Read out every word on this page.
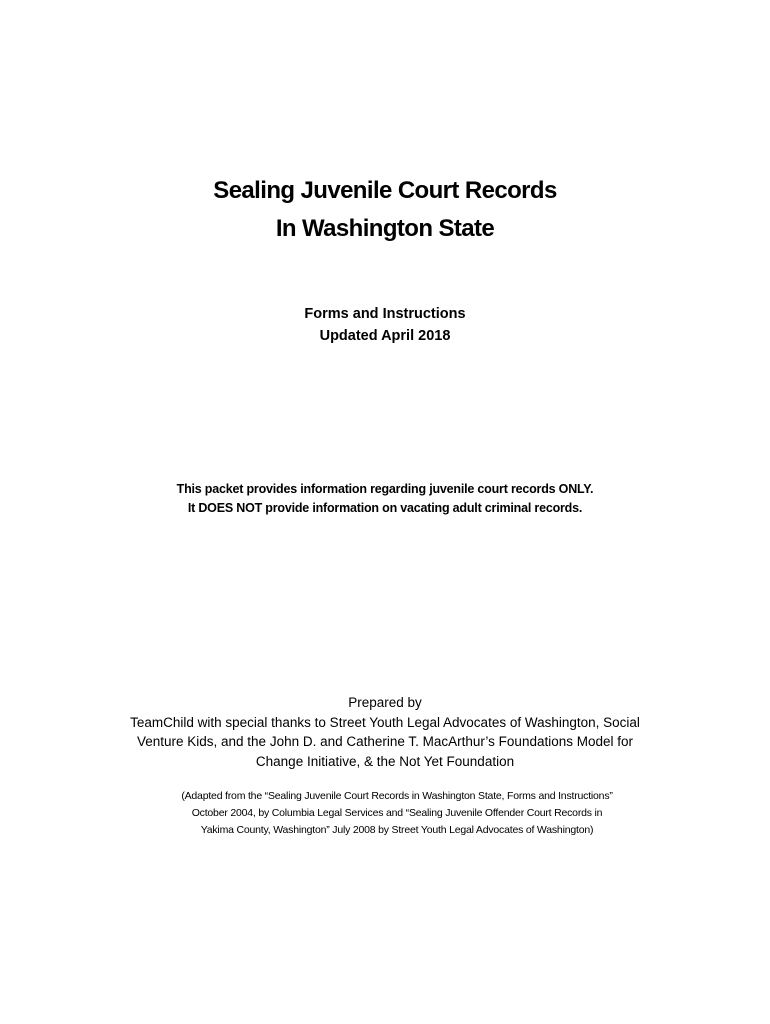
Sealing Juvenile Court Records
In Washington State
Forms and Instructions
Updated April 2018
This packet provides information regarding juvenile court records ONLY.
It DOES NOT provide information on vacating adult criminal records.
Prepared by
TeamChild with special thanks to Street Youth Legal Advocates of Washington, Social
Venture Kids, and the John D. and Catherine T. MacArthur’s Foundations Model for
Change Initiative, & the Not Yet Foundation
(Adapted from the “Sealing Juvenile Court Records in Washington State, Forms and Instructions”
October 2004, by Columbia Legal Services and “Sealing Juvenile Offender Court Records in
Yakima County, Washington” July 2008 by Street Youth Legal Advocates of Washington)
